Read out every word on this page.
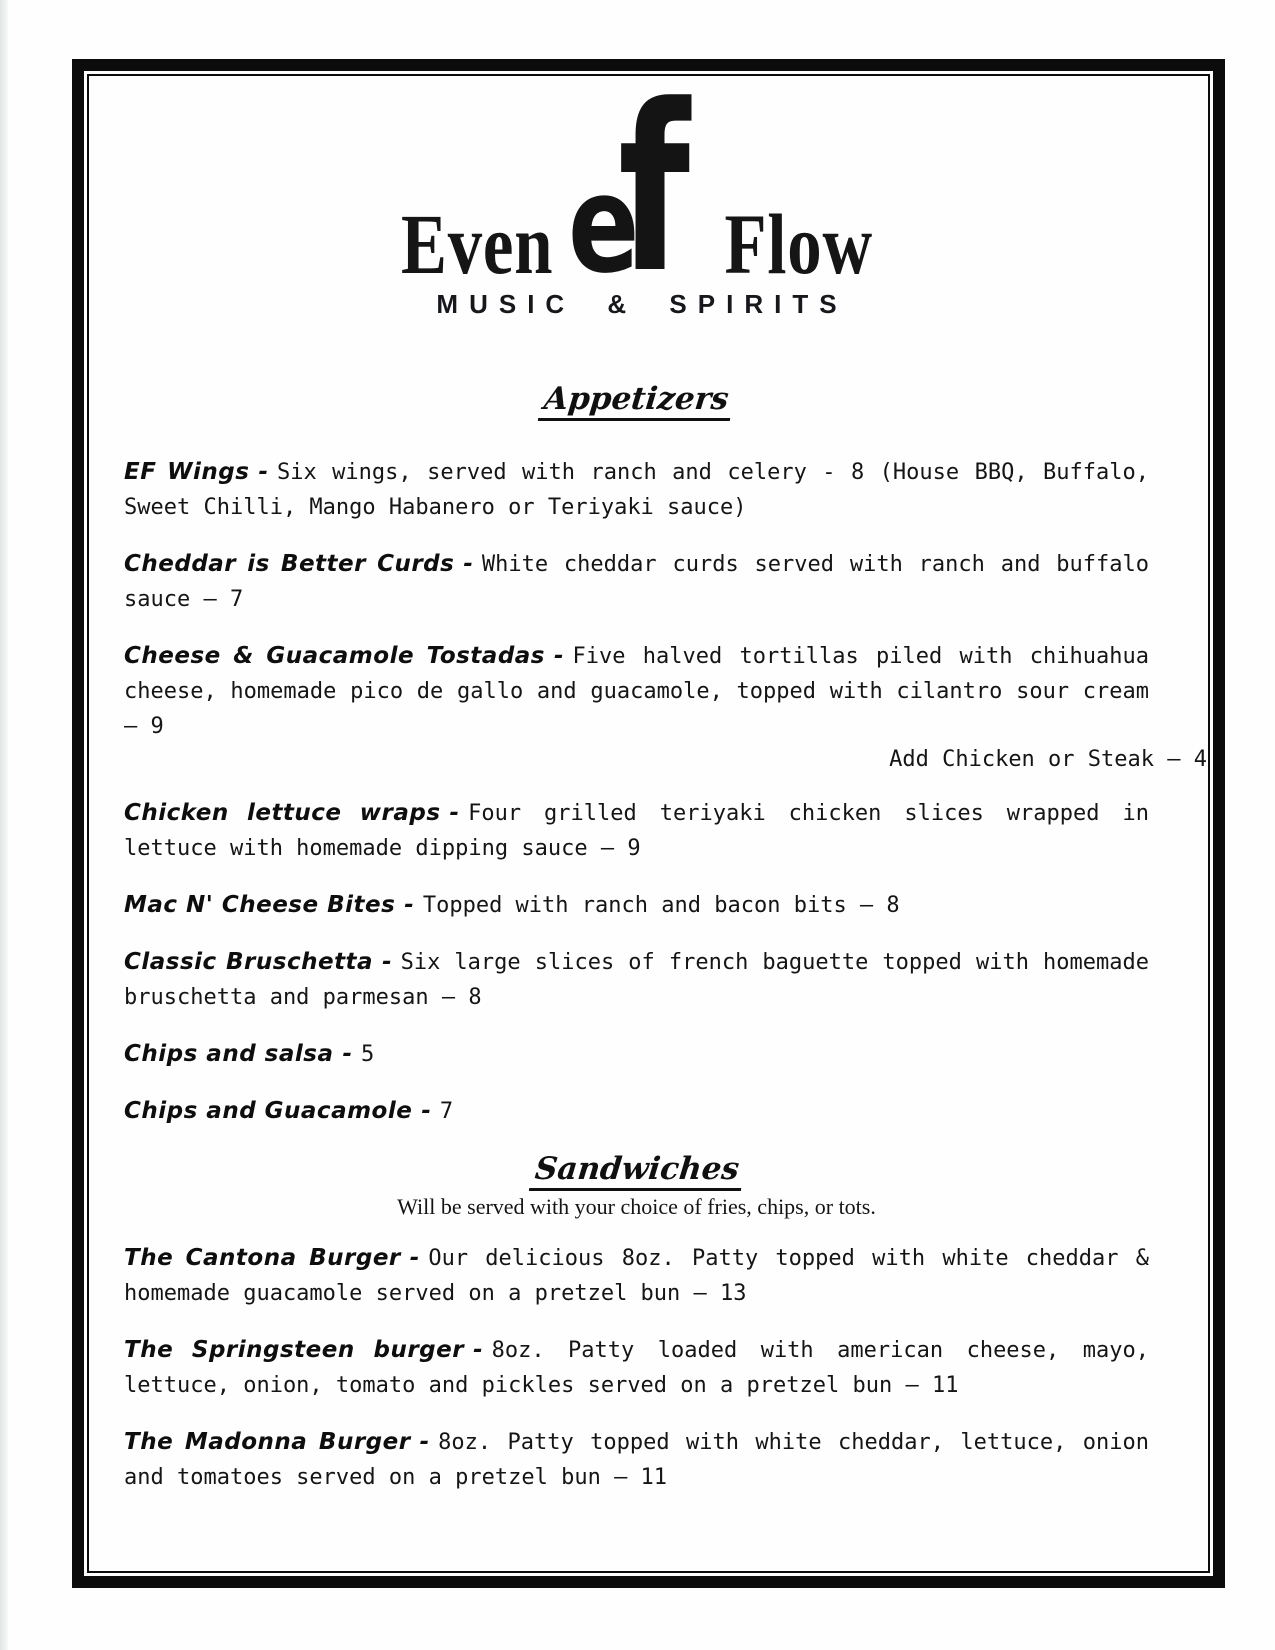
Even e
f Flow
MUSIC & SPIRITS
Appetizers

EF Wings - Six wings, served with ranch and celery - 8 (House BBQ, Buffalo, Sweet Chilli, Mango Habanero or Teriyaki sauce)

Cheddar is Better Curds - White cheddar curds served with ranch and buffalo sauce – 7

Cheese & Guacamole Tostadas - Five halved tortillas piled with chihuahua cheese, homemade pico de gallo and guacamole, topped with cilantro sour cream – 9

Add Chicken or Steak – 4

Chicken lettuce wraps - Four grilled teriyaki chicken slices wrapped in lettuce with homemade dipping sauce – 9

Mac N' Cheese Bites - Topped with ranch and bacon bits – 8

Classic Bruschetta - Six large slices of french baguette topped with homemade bruschetta and parmesan – 8

Chips and salsa - 5

Chips and Guacamole - 7

Sandwiches
Will be served with your choice of fries, chips, or tots.

The Cantona Burger - Our delicious 8oz. Patty topped with white cheddar & homemade guacamole served on a pretzel bun – 13

The Springsteen burger - 8oz. Patty loaded with american cheese, mayo, lettuce, onion, tomato and pickles served on a pretzel bun – 11

The Madonna Burger - 8oz. Patty topped with white cheddar, lettuce, onion and tomatoes served on a pretzel bun – 11
